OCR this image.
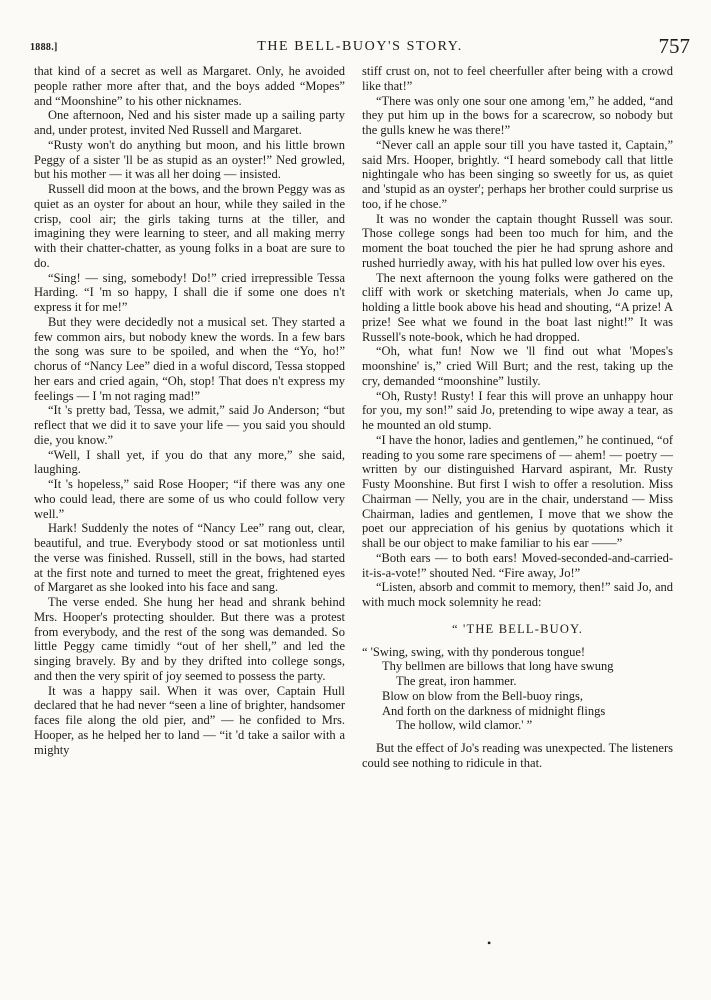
1888.]	THE BELL-BUOY'S STORY.	757

that kind of a secret as well as Margaret. Only, he avoided people rather more after that, and the boys added “Mopes” and “Moonshine” to his other nicknames.

One afternoon, Ned and his sister made up a sailing party and, under protest, invited Ned Russell and Margaret.

“Rusty won't do anything but moon, and his little brown Peggy of a sister 'll be as stupid as an oyster!” Ned growled, but his mother — it was all her doing — insisted.

Russell did moon at the bows, and the brown Peggy was as quiet as an oyster for about an hour, while they sailed in the crisp, cool air; the girls taking turns at the tiller, and imagining they were learning to steer, and all making merry with their chatter-chatter, as young folks in a boat are sure to do.

“Sing! — sing, somebody! Do!” cried irrepressible Tessa Harding. “I 'm so happy, I shall die if some one does n't express it for me!”

But they were decidedly not a musical set. They started a few common airs, but nobody knew the words. In a few bars the song was sure to be spoiled, and when the “Yo, ho!” chorus of “Nancy Lee” died in a woful discord, Tessa stopped her ears and cried again, “Oh, stop! That does n't express my feelings — I 'm not raging mad!”

“It 's pretty bad, Tessa, we admit,” said Jo Anderson; “but reflect that we did it to save your life — you said you should die, you know.”

“Well, I shall yet, if you do that any more,” she said, laughing.

“It 's hopeless,” said Rose Hooper; “if there was any one who could lead, there are some of us who could follow very well.”

Hark! Suddenly the notes of “Nancy Lee” rang out, clear, beautiful, and true. Everybody stood or sat motionless until the verse was finished. Russell, still in the bows, had started at the first note and turned to meet the great, frightened eyes of Margaret as she looked into his face and sang.

The verse ended. She hung her head and shrank behind Mrs. Hooper's protecting shoulder. But there was a protest from everybody, and the rest of the song was demanded. So little Peggy came timidly “out of her shell,” and led the singing bravely. By and by they drifted into college songs, and then the very spirit of joy seemed to possess the party.

It was a happy sail. When it was over, Captain Hull declared that he had never “seen a line of brighter, handsomer faces file along the old pier, and” — he confided to Mrs. Hooper, as he helped her to land — “it 'd take a sailor with a mighty

stiff crust on, not to feel cheerfuller after being with a crowd like that!”

“There was only one sour one among 'em,” he added, “and they put him up in the bows for a scarecrow, so nobody but the gulls knew he was there!”

“Never call an apple sour till you have tasted it, Captain,” said Mrs. Hooper, brightly. “I heard somebody call that little nightingale who has been singing so sweetly for us, as quiet and 'stupid as an oyster'; perhaps her brother could surprise us too, if he chose.”

It was no wonder the captain thought Russell was sour. Those college songs had been too much for him, and the moment the boat touched the pier he had sprung ashore and rushed hurriedly away, with his hat pulled low over his eyes.

The next afternoon the young folks were gathered on the cliff with work or sketching materials, when Jo came up, holding a little book above his head and shouting, “A prize! A prize! See what we found in the boat last night!” It was Russell's note-book, which he had dropped.

“Oh, what fun! Now we 'll find out what 'Mopes's moonshine' is,” cried Will Burt; and the rest, taking up the cry, demanded “moonshine” lustily.

“Oh, Rusty! Rusty! I fear this will prove an unhappy hour for you, my son!” said Jo, pretending to wipe away a tear, as he mounted an old stump.

“I have the honor, ladies and gentlemen,” he continued, “of reading to you some rare specimens of — ahem! — poetry — written by our distinguished Harvard aspirant, Mr. Rusty Fusty Moonshine. But first I wish to offer a resolution. Miss Chairman — Nelly, you are in the chair, understand — Miss Chairman, ladies and gentlemen, I move that we show the poet our appreciation of his genius by quotations which it shall be our object to make familiar to his ear ——”

“Both ears — to both ears! Moved-seconded-and-carried-it-is-a-vote!” shouted Ned. “Fire away, Jo!”

“Listen, absorb and commit to memory, then!” said Jo, and with much mock solemnity he read:

“ 'THE BELL-BUOY.
“ 'Swing, swing, with thy ponderous tongue!
Thy bellmen are billows that long have swung
The great, iron hammer.
Blow on blow from the Bell-buoy rings,
And forth on the darkness of midnight flings
The hollow, wild clamor.' ”

But the effect of Jo's reading was unexpected. The listeners could see nothing to ridicule in that.

•
